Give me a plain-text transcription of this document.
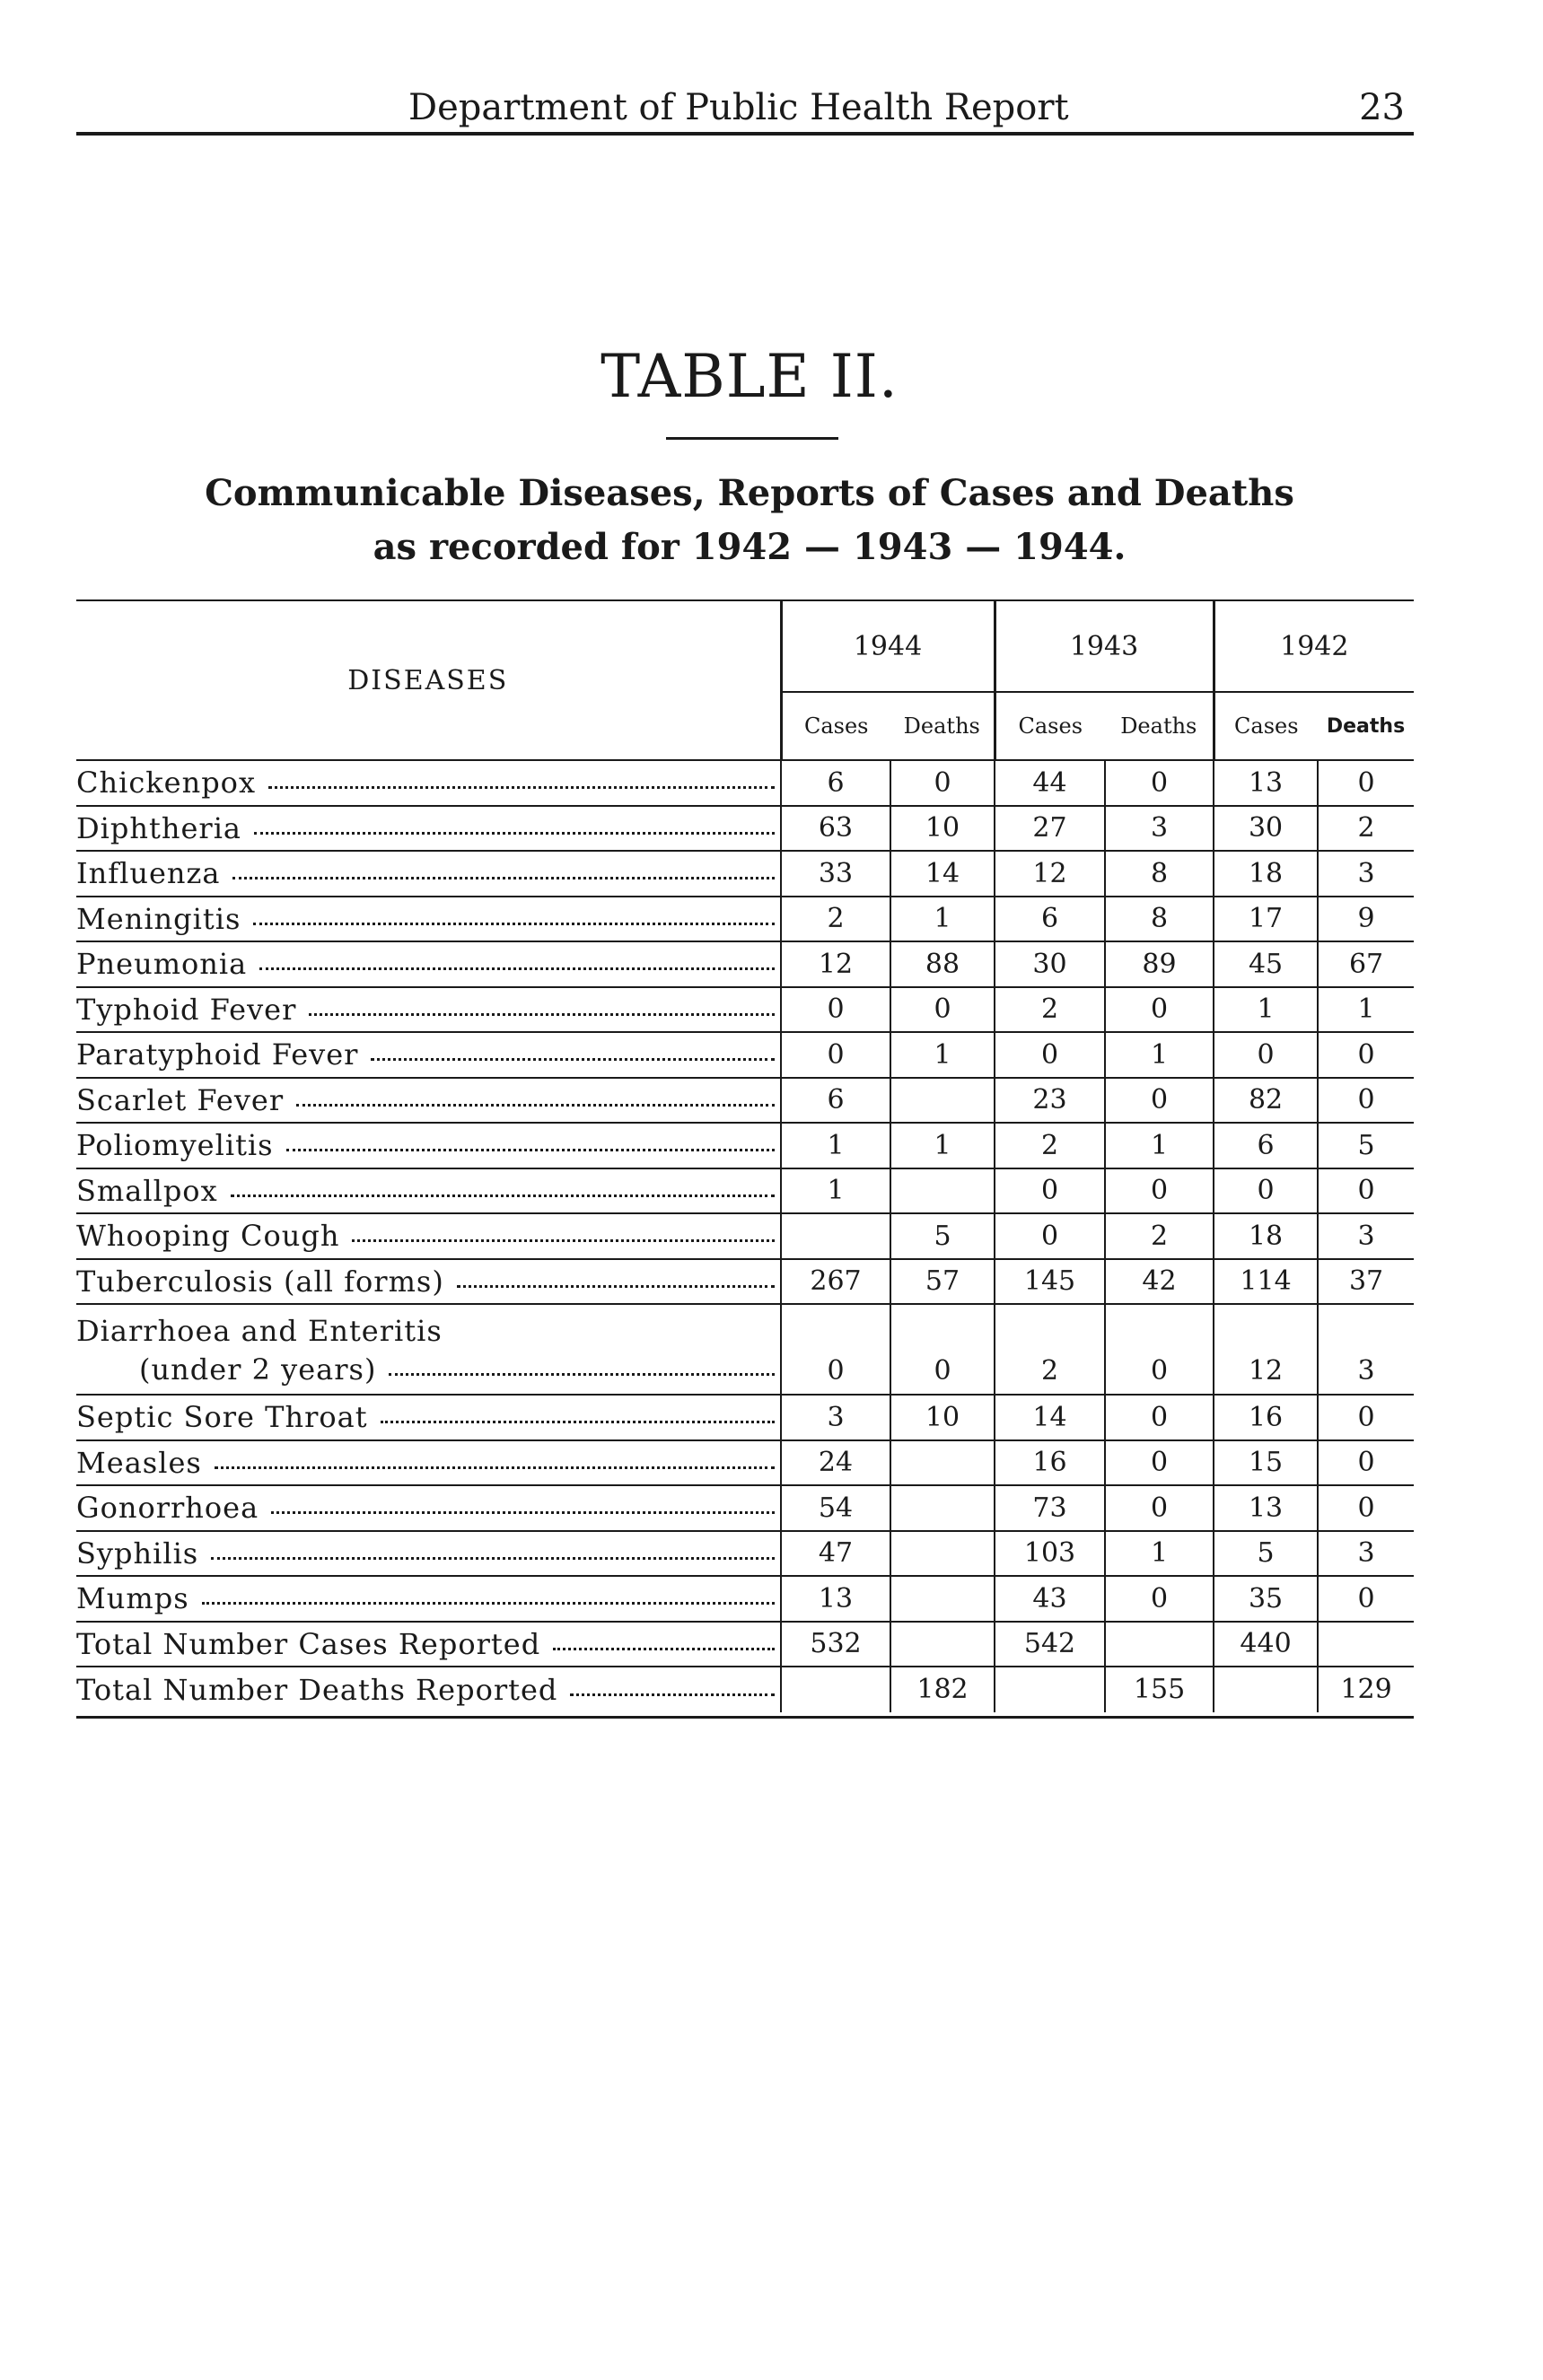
Department of Public Health Report	23
TABLE II.
Communicable Diseases, Reports of Cases and Deaths
as recorded for 1942 — 1943 — 1944.
DISEASES	1944		1943		1942	
	Cases	Deaths	Cases	Deaths	Cases	Deaths

Chickenpox	6	0	44	0	13	0

Diphtheria	63	10	27	3	30	2

Influenza	33	14	12	8	18	3

Meningitis	2	1	6	8	17	9

Pneumonia	12	88	30	89	45	67

Typhoid Fever	0	0	2	0	1	1

Paratyphoid Fever	0	1	0	1	0	0

Scarlet Fever	6		23	0	82	0

Poliomyelitis	1	1	2	1	6	5

Smallpox	1		0	0	0	0

Whooping Cough		5	0	2	18	3

Tuberculosis (all forms)	267	57	145	42	114	37

Diarrhoea and Enteritis
(under 2 years)	0	0	2	0	12	3

Septic Sore Throat	3	10	14	0	16	0

Measles	24		16	0	15	0

Gonorrhoea	54		73	0	13	0

Syphilis	47		103	1	5	3

Mumps	13		43	0	35	0

Total Number Cases Reported	532		542		440	

Total Number Deaths Reported		182		155		129
